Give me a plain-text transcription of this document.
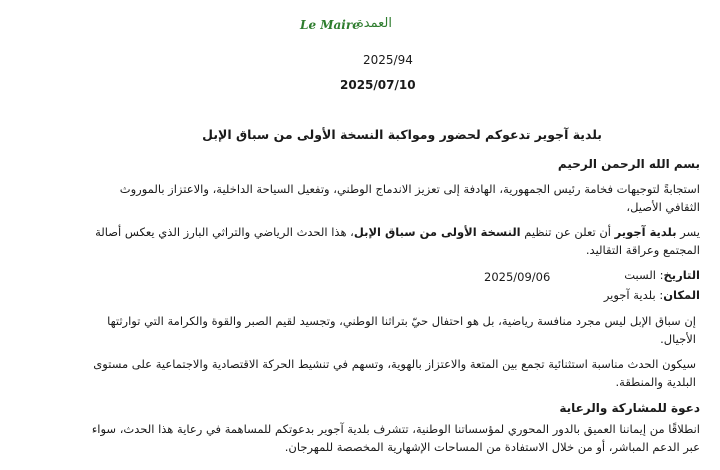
Le Maire
العمدة
2025/94
2025/07/10
بلدية آجوير تدعوكم لحضور ومواكبة النسخة الأولى من سباق الإبل
بسم الله الرحمن الرحيم
استجابةً لتوجيهات فخامة رئيس الجمهورية، الهادفة إلى تعزيز الاندماج الوطني، وتفعيل السياحة الداخلية، والاعتزاز بالموروث الثقافي الأصيل،
يسر بلدية آجوير أن تعلن عن تنظيم النسخة الأولى من سباق الإبل، هذا الحدث الرياضي والتراثي البارز الذي يعكس أصالة المجتمع وعراقة التقاليد.
التاريخ: السبت
2025/09/06
المكان: بلدية آجوير
إن سباق الإبل ليس مجرد منافسة رياضية، بل هو احتفال حيّ بتراثنا الوطني، وتجسيد لقيم الصبر والقوة والكرامة التي توارثتها الأجيال.
سيكون الحدث مناسبة استثنائية تجمع بين المتعة والاعتزاز بالهوية، وتسهم في تنشيط الحركة الاقتصادية والاجتماعية على مستوى البلدية والمنطقة.
دعوة للمشاركة والرعاية
انطلاقًا من إيماننا العميق بالدور المحوري لمؤسساتنا الوطنية، تتشرف بلدية آجوير بدعوتكم للمساهمة في رعاية هذا الحدث، سواء عبر الدعم المباشر، أو من خلال الاستفادة من المساحات الإشهارية المخصصة للمهرجان.
